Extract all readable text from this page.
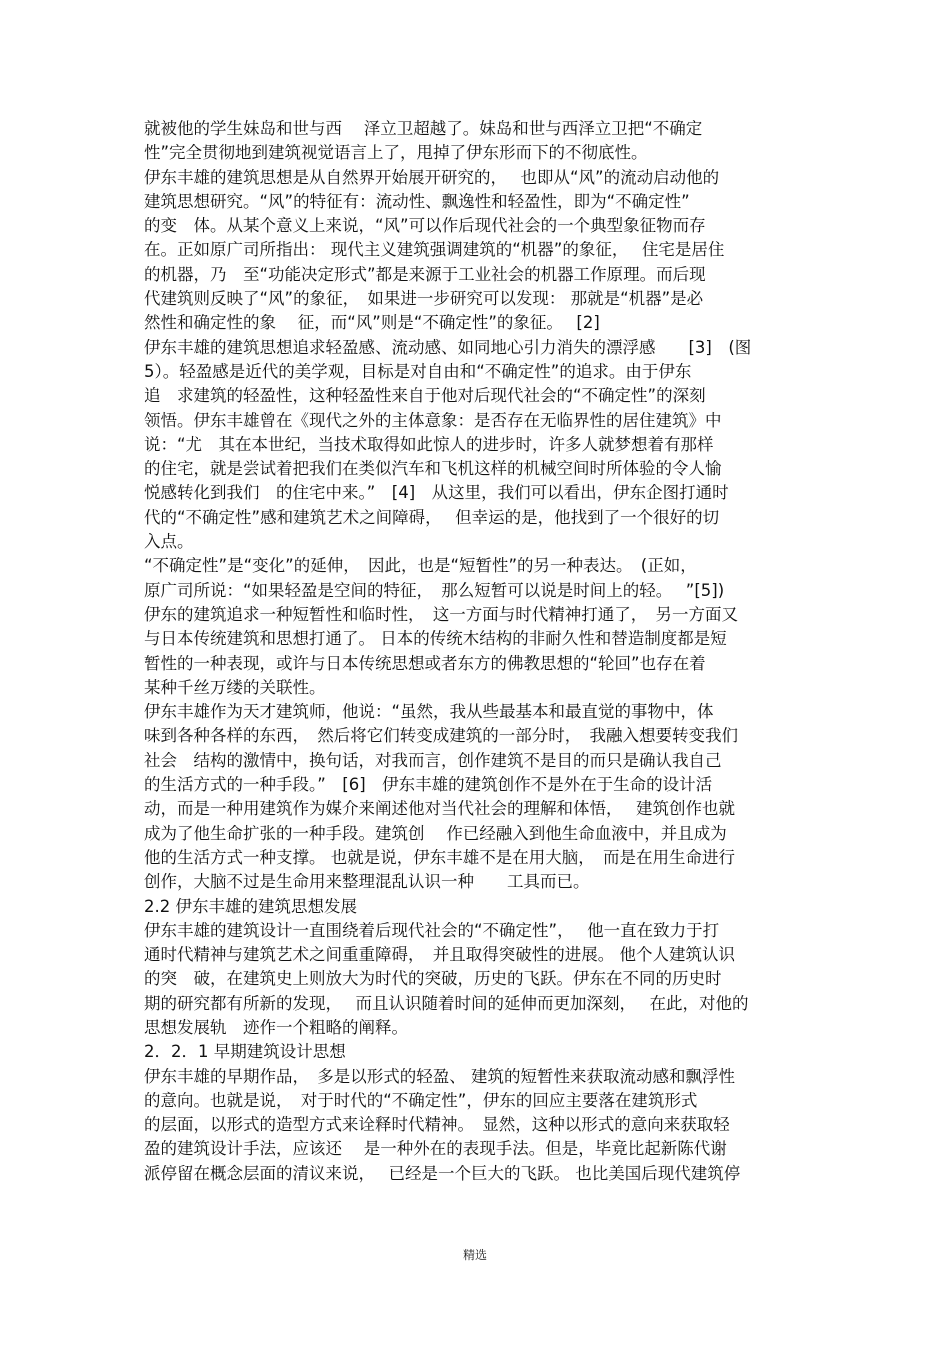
就被他的学生妹岛和世与西　 泽立卫超越了。妹岛和世与西泽立卫把“不确定
性”完全贯彻地到建筑视觉语言上了，甩掉了伊东形而下的不彻底性。
伊东丰雄的建筑思想是从自然界开始展开研究的，　 也即从“风”的流动启动他的
建筑思想研究。“风”的特征有：流动性、飘逸性和轻盈性，即为“不确定性”
的变　体。从某个意义上来说，“风”可以作后现代社会的一个典型象征物而存
在。正如原广司所指出： 现代主义建筑强调建筑的“机器”的象征，　 住宅是居住
的机器，乃　至“功能决定形式”都是来源于工业社会的机器工作原理。而后现
代建筑则反映了“风”的象征，　如果进一步研究可以发现： 那就是“机器”是必
然性和确定性的象　 征，而“风”则是“不确定性”的象征。　 [2]
伊东丰雄的建筑思想追求轻盈感、流动感、如同地心引力消失的漂浮感　　[3]　(图
5）。轻盈感是近代的美学观，目标是对自由和“不确定性”的追求。由于伊东
追　求建筑的轻盈性，这种轻盈性来自于他对后现代社会的“不确定性”的深刻
领悟。伊东丰雄曾在《现代之外的主体意象：是否存在无临界性的居住建筑》中
说：“尤　其在本世纪，当技术取得如此惊人的进步时，许多人就梦想着有那样
的住宅，就是尝试着把我们在类似汽车和飞机这样的机械空间时所体验的令人愉
悦感转化到我们　的住宅中来。”　[4]　从这里，我们可以看出，伊东企图打通时
代的“不确定性”感和建筑艺术之间障碍，　 但幸运的是，他找到了一个很好的切
入点。
“不确定性”是“变化”的延伸，　因此，也是“短暂性”的另一种表达。　(正如，
原广司所说：“如果轻盈是空间的特征，　那么短暂可以说是时间上的轻。　 ”[5])
伊东的建筑追求一种短暂性和临时性，　这一方面与时代精神打通了，　另一方面又
与日本传统建筑和思想打通了。 日本的传统木结构的非耐久性和替造制度都是短
暂性的一种表现，或许与日本传统思想或者东方的佛教思想的“轮回”也存在着
某种千丝万缕的关联性。
伊东丰雄作为天才建筑师，他说：“虽然，我从些最基本和最直觉的事物中，体
味到各种各样的东西，　然后将它们转变成建筑的一部分时，　我融入想要转变我们
社会　结构的激情中，换句话，对我而言，创作建筑不是目的而只是确认我自己
的生活方式的一种手段。”　[6]　伊东丰雄的建筑创作不是外在于生命的设计活
动，而是一种用建筑作为媒介来阐述他对当代社会的理解和体悟，　 建筑创作也就
成为了他生命扩张的一种手段。建筑创　 作已经融入到他生命血液中，并且成为
他的生活方式一种支撑。 也就是说，伊东丰雄不是在用大脑，　而是在用生命进行
创作，大脑不过是生命用来整理混乱认识一种　　工具而已。
2.2 伊东丰雄的建筑思想发展
伊东丰雄的建筑设计一直围绕着后现代社会的“不确定性”，　 他一直在致力于打
通时代精神与建筑艺术之间重重障碍，　并且取得突破性的进展。 他个人建筑认识
的突　破，在建筑史上则放大为时代的突破，历史的飞跃。伊东在不同的历史时
期的研究都有所新的发现，　 而且认识随着时间的延伸而更加深刻，　 在此，对他的
思想发展轨　迹作一个粗略的阐释。
2．2．1 早期建筑设计思想
伊东丰雄的早期作品，　多是以形式的轻盈、 建筑的短暂性来获取流动感和飘浮性
的意向。也就是说，　对于时代的“不确定性”，伊东的回应主要落在建筑形式
的层面，以形式的造型方式来诠释时代精神。　显然，这种以形式的意向来获取轻
盈的建筑设计手法，应该还　 是一种外在的表现手法。但是，毕竟比起新陈代谢
派停留在概念层面的清议来说，　 已经是一个巨大的飞跃。 也比美国后现代建筑停
精选
